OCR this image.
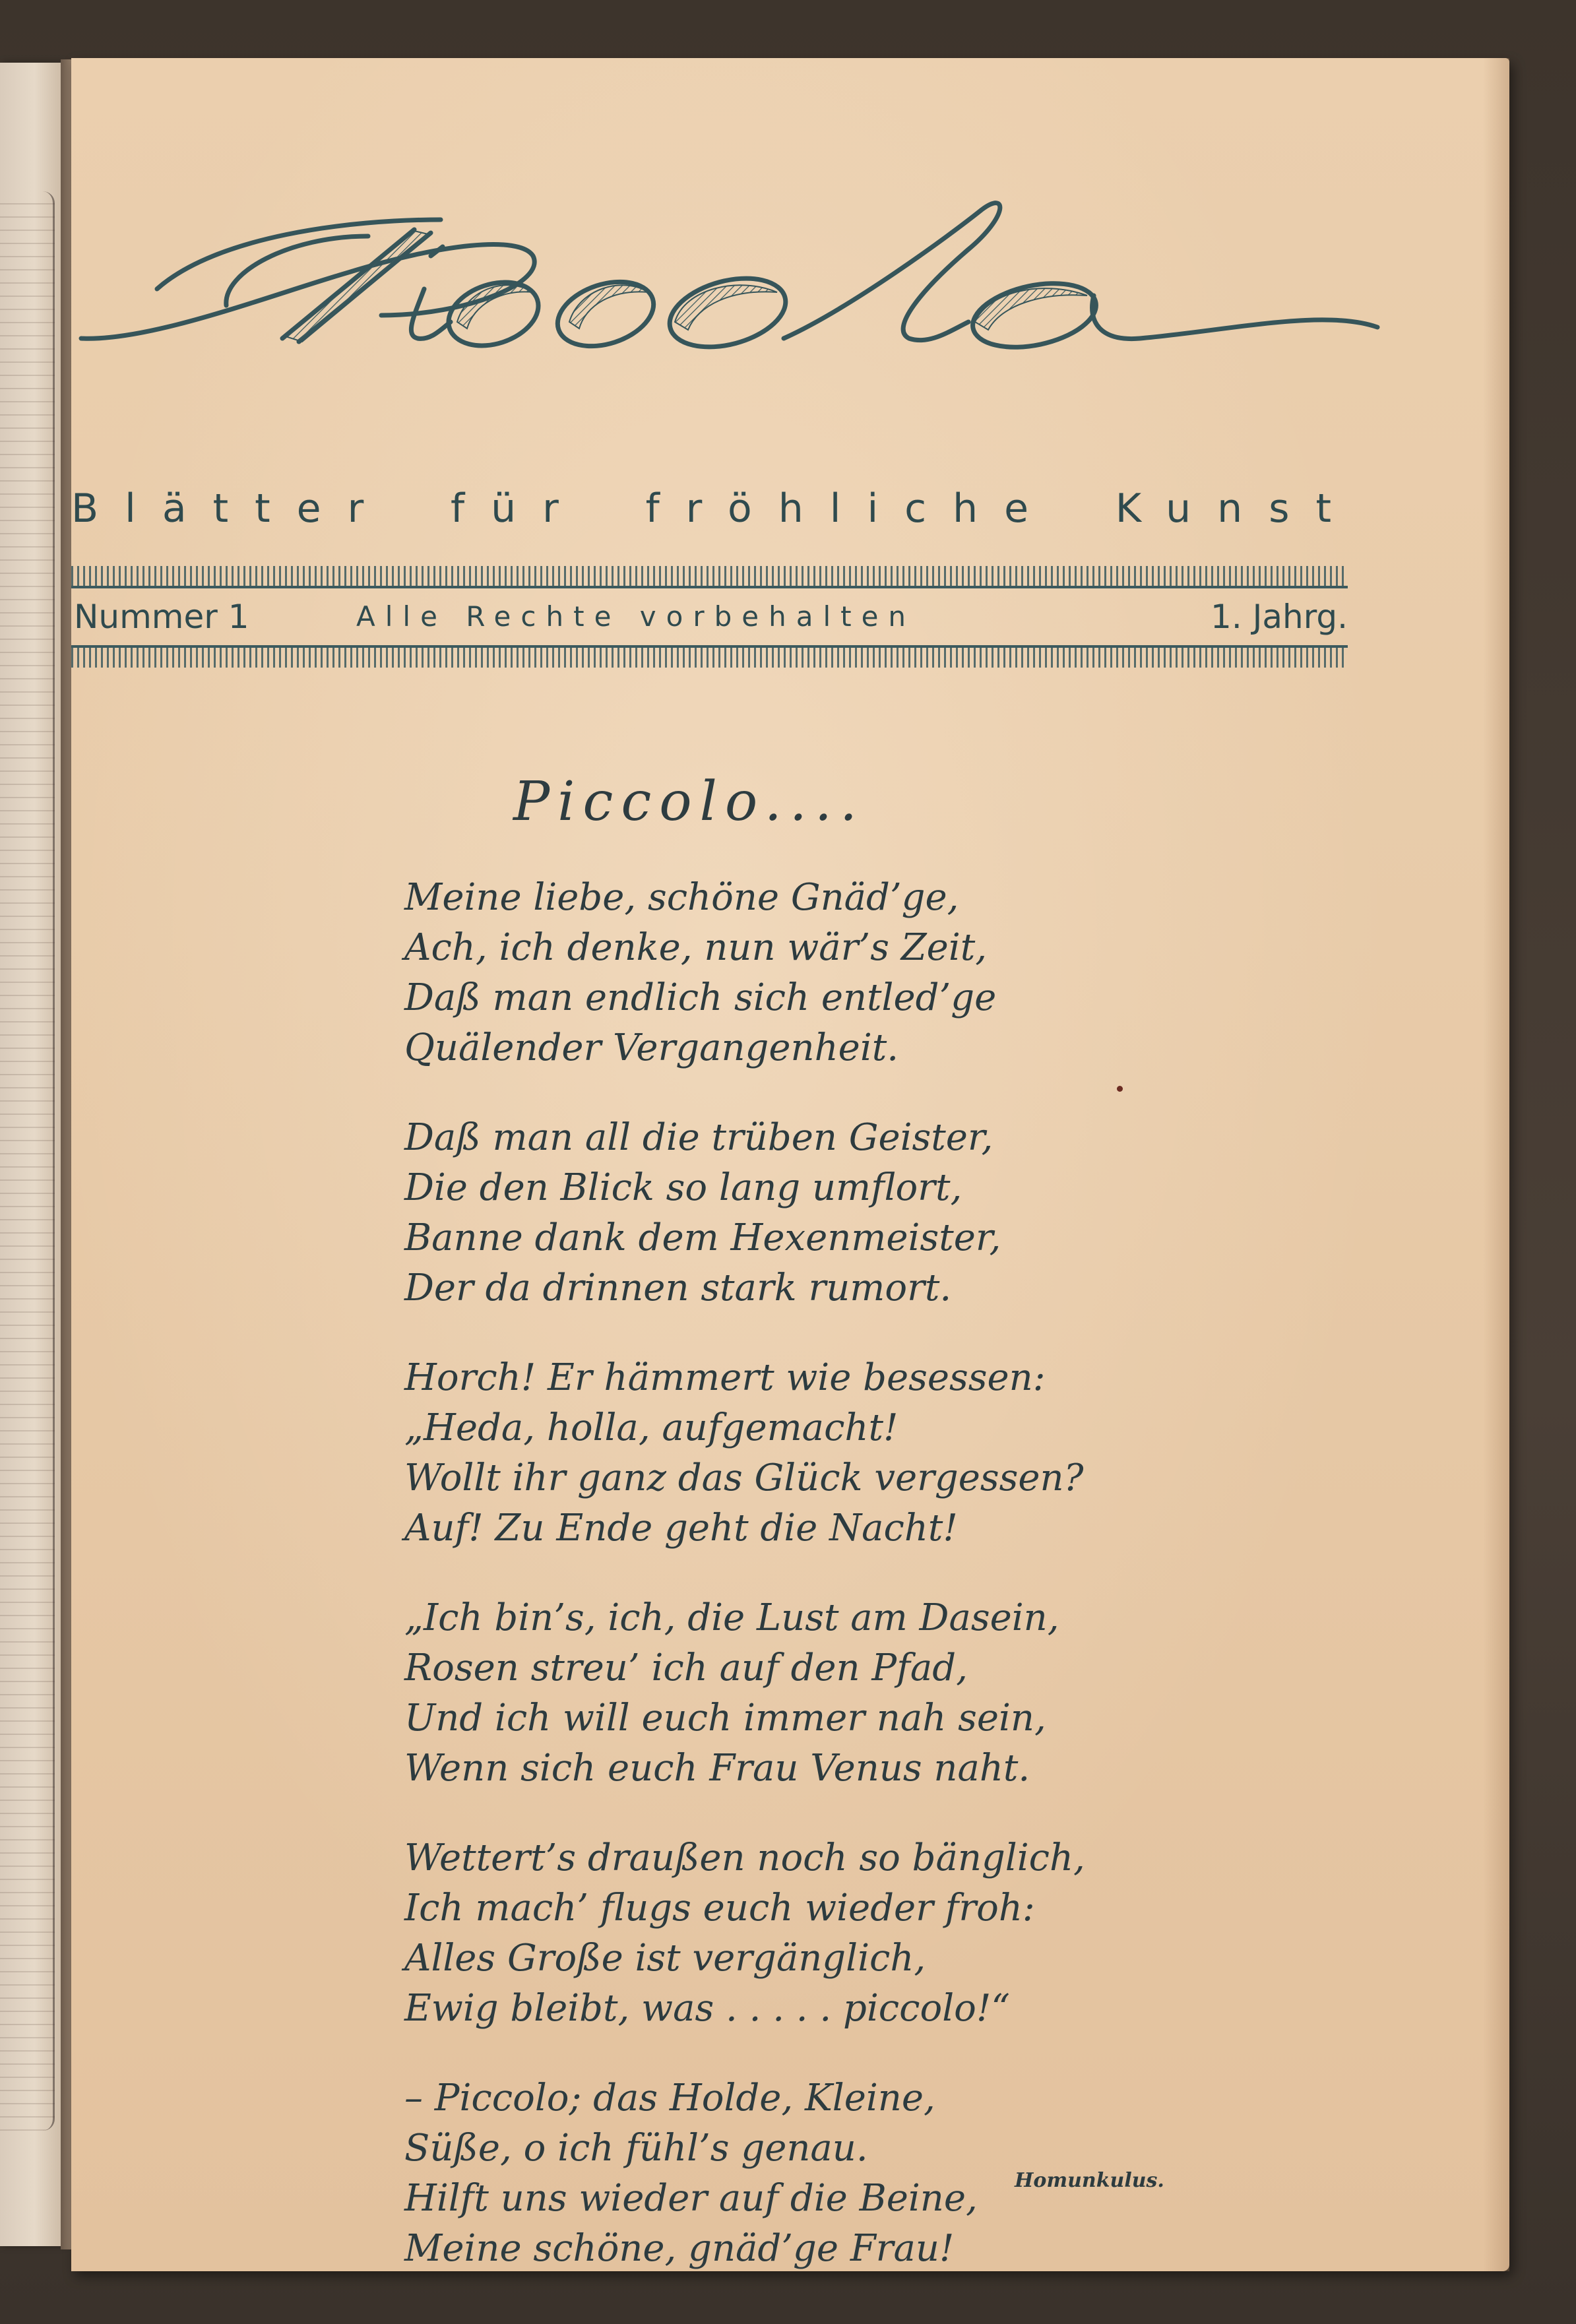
Piccola
Blätter für fröhliche Kunst
Nummer 1	Alle Rechte vorbehalten	1. Jahrg.
Piccolo....
Meine liebe, schöne Gnäd’ge,
Ach, ich denke, nun wär’s Zeit,
Daß man endlich sich entled’ge
Quälender Vergangenheit.
Daß man all die trüben Geister,
Die den Blick so lang umflort,
Banne dank dem Hexenmeister,
Der da drinnen stark rumort.
Horch! Er hämmert wie besessen:
„Heda, holla, aufgemacht!
Wollt ihr ganz das Glück vergessen?
Auf! Zu Ende geht die Nacht!
„Ich bin’s, ich, die Lust am Dasein,
Rosen streu’ ich auf den Pfad,
Und ich will euch immer nah sein,
Wenn sich euch Frau Venus naht.
Wettert’s draußen noch so bänglich,
Ich mach’ flugs euch wieder froh:
Alles Große ist vergänglich,
Ewig bleibt, was . . . . . piccolo!“
– Piccolo; das Holde, Kleine,
Süße, o ich fühl’s genau.
Hilft uns wieder auf die Beine,
Meine schöne, gnäd’ge Frau!
Homunkulus.
